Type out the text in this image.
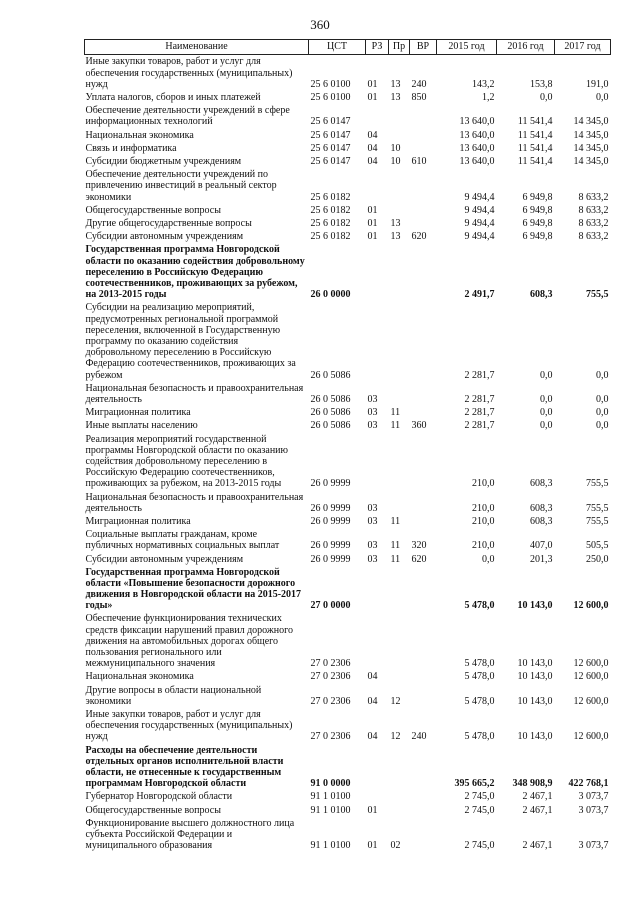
360
Наименование	ЦСТ	РЗ	Пр	ВР	2015 год	2016 год	2017 год
Иные закупки товаров, работ и услуг для обеспечения государственных (муниципальных) нужд	25 6 0100	01	13	240	143,2	153,8	191,0
Уплата налогов, сборов и иных платежей	25 6 0100	01	13	850	1,2	0,0	0,0
Обеспечение деятельности учреждений в сфере информационных технологий	25 6 0147				13 640,0	11 541,4	14 345,0
Национальная экономика	25 6 0147	04			13 640,0	11 541,4	14 345,0
Связь и информатика	25 6 0147	04	10		13 640,0	11 541,4	14 345,0
Субсидии бюджетным учреждениям	25 6 0147	04	10	610	13 640,0	11 541,4	14 345,0
Обеспечение деятельности учреждений по привлечению инвестиций в реальный сектор экономики	25 6 0182				9 494,4	6 949,8	8 633,2
Общегосударственные вопросы	25 6 0182	01			9 494,4	6 949,8	8 633,2
Другие общегосударственные вопросы	25 6 0182	01	13		9 494,4	6 949,8	8 633,2
Субсидии автономным учреждениям	25 6 0182	01	13	620	9 494,4	6 949,8	8 633,2
Государственная программа Новгородской области по оказанию содействия добровольному переселению в Российскую Федерацию соотечественников, проживающих за рубежом, на 2013-2015 годы	26 0 0000				2 491,7	608,3	755,5
Субсидии на реализацию мероприятий, предусмотренных региональной программой переселения, включенной в Государственную программу по оказанию содействия добровольному переселению в Российскую Федерацию соотечественников, проживающих за рубежом	26 0 5086				2 281,7	0,0	0,0
Национальная безопасность и правоохранительная деятельность	26 0 5086	03			2 281,7	0,0	0,0
Миграционная политика	26 0 5086	03	11		2 281,7	0,0	0,0
Иные выплаты населению	26 0 5086	03	11	360	2 281,7	0,0	0,0
Реализация мероприятий государственной программы Новгородской области по оказанию содействия добровольному переселению в Российскую Федерацию соотечественников, проживающих за рубежом, на 2013-2015 годы	26 0 9999				210,0	608,3	755,5
Национальная безопасность и правоохранительная деятельность	26 0 9999	03			210,0	608,3	755,5
Миграционная политика	26 0 9999	03	11		210,0	608,3	755,5
Социальные выплаты гражданам, кроме публичных нормативных социальных выплат	26 0 9999	03	11	320	210,0	407,0	505,5
Субсидии автономным учреждениям	26 0 9999	03	11	620	0,0	201,3	250,0
Государственная программа Новгородской области «Повышение безопасности дорожного движения в Новгородской области на 2015-2017 годы»	27 0 0000				5 478,0	10 143,0	12 600,0
Обеспечение функционирования технических средств фиксации нарушений правил дорожного движения на автомобильных дорогах общего пользования регионального или межмуниципального значения	27 0 2306				5 478,0	10 143,0	12 600,0
Национальная экономика	27 0 2306	04			5 478,0	10 143,0	12 600,0
Другие вопросы в области национальной экономики	27 0 2306	04	12		5 478,0	10 143,0	12 600,0
Иные закупки товаров, работ и услуг для обеспечения государственных (муниципальных) нужд	27 0 2306	04	12	240	5 478,0	10 143,0	12 600,0
Расходы на обеспечение деятельности отдельных органов исполнительной власти области, не отнесенные к государственным программам Новгородской области	91 0 0000				395 665,2	348 908,9	422 768,1
Губернатор Новгородской области	91 1 0100				2 745,0	2 467,1	3 073,7
Общегосударственные вопросы	91 1 0100	01			2 745,0	2 467,1	3 073,7
Функционирование высшего должностного лица субъекта Российской Федерации и муниципального образования	91 1 0100	01	02		2 745,0	2 467,1	3 073,7
